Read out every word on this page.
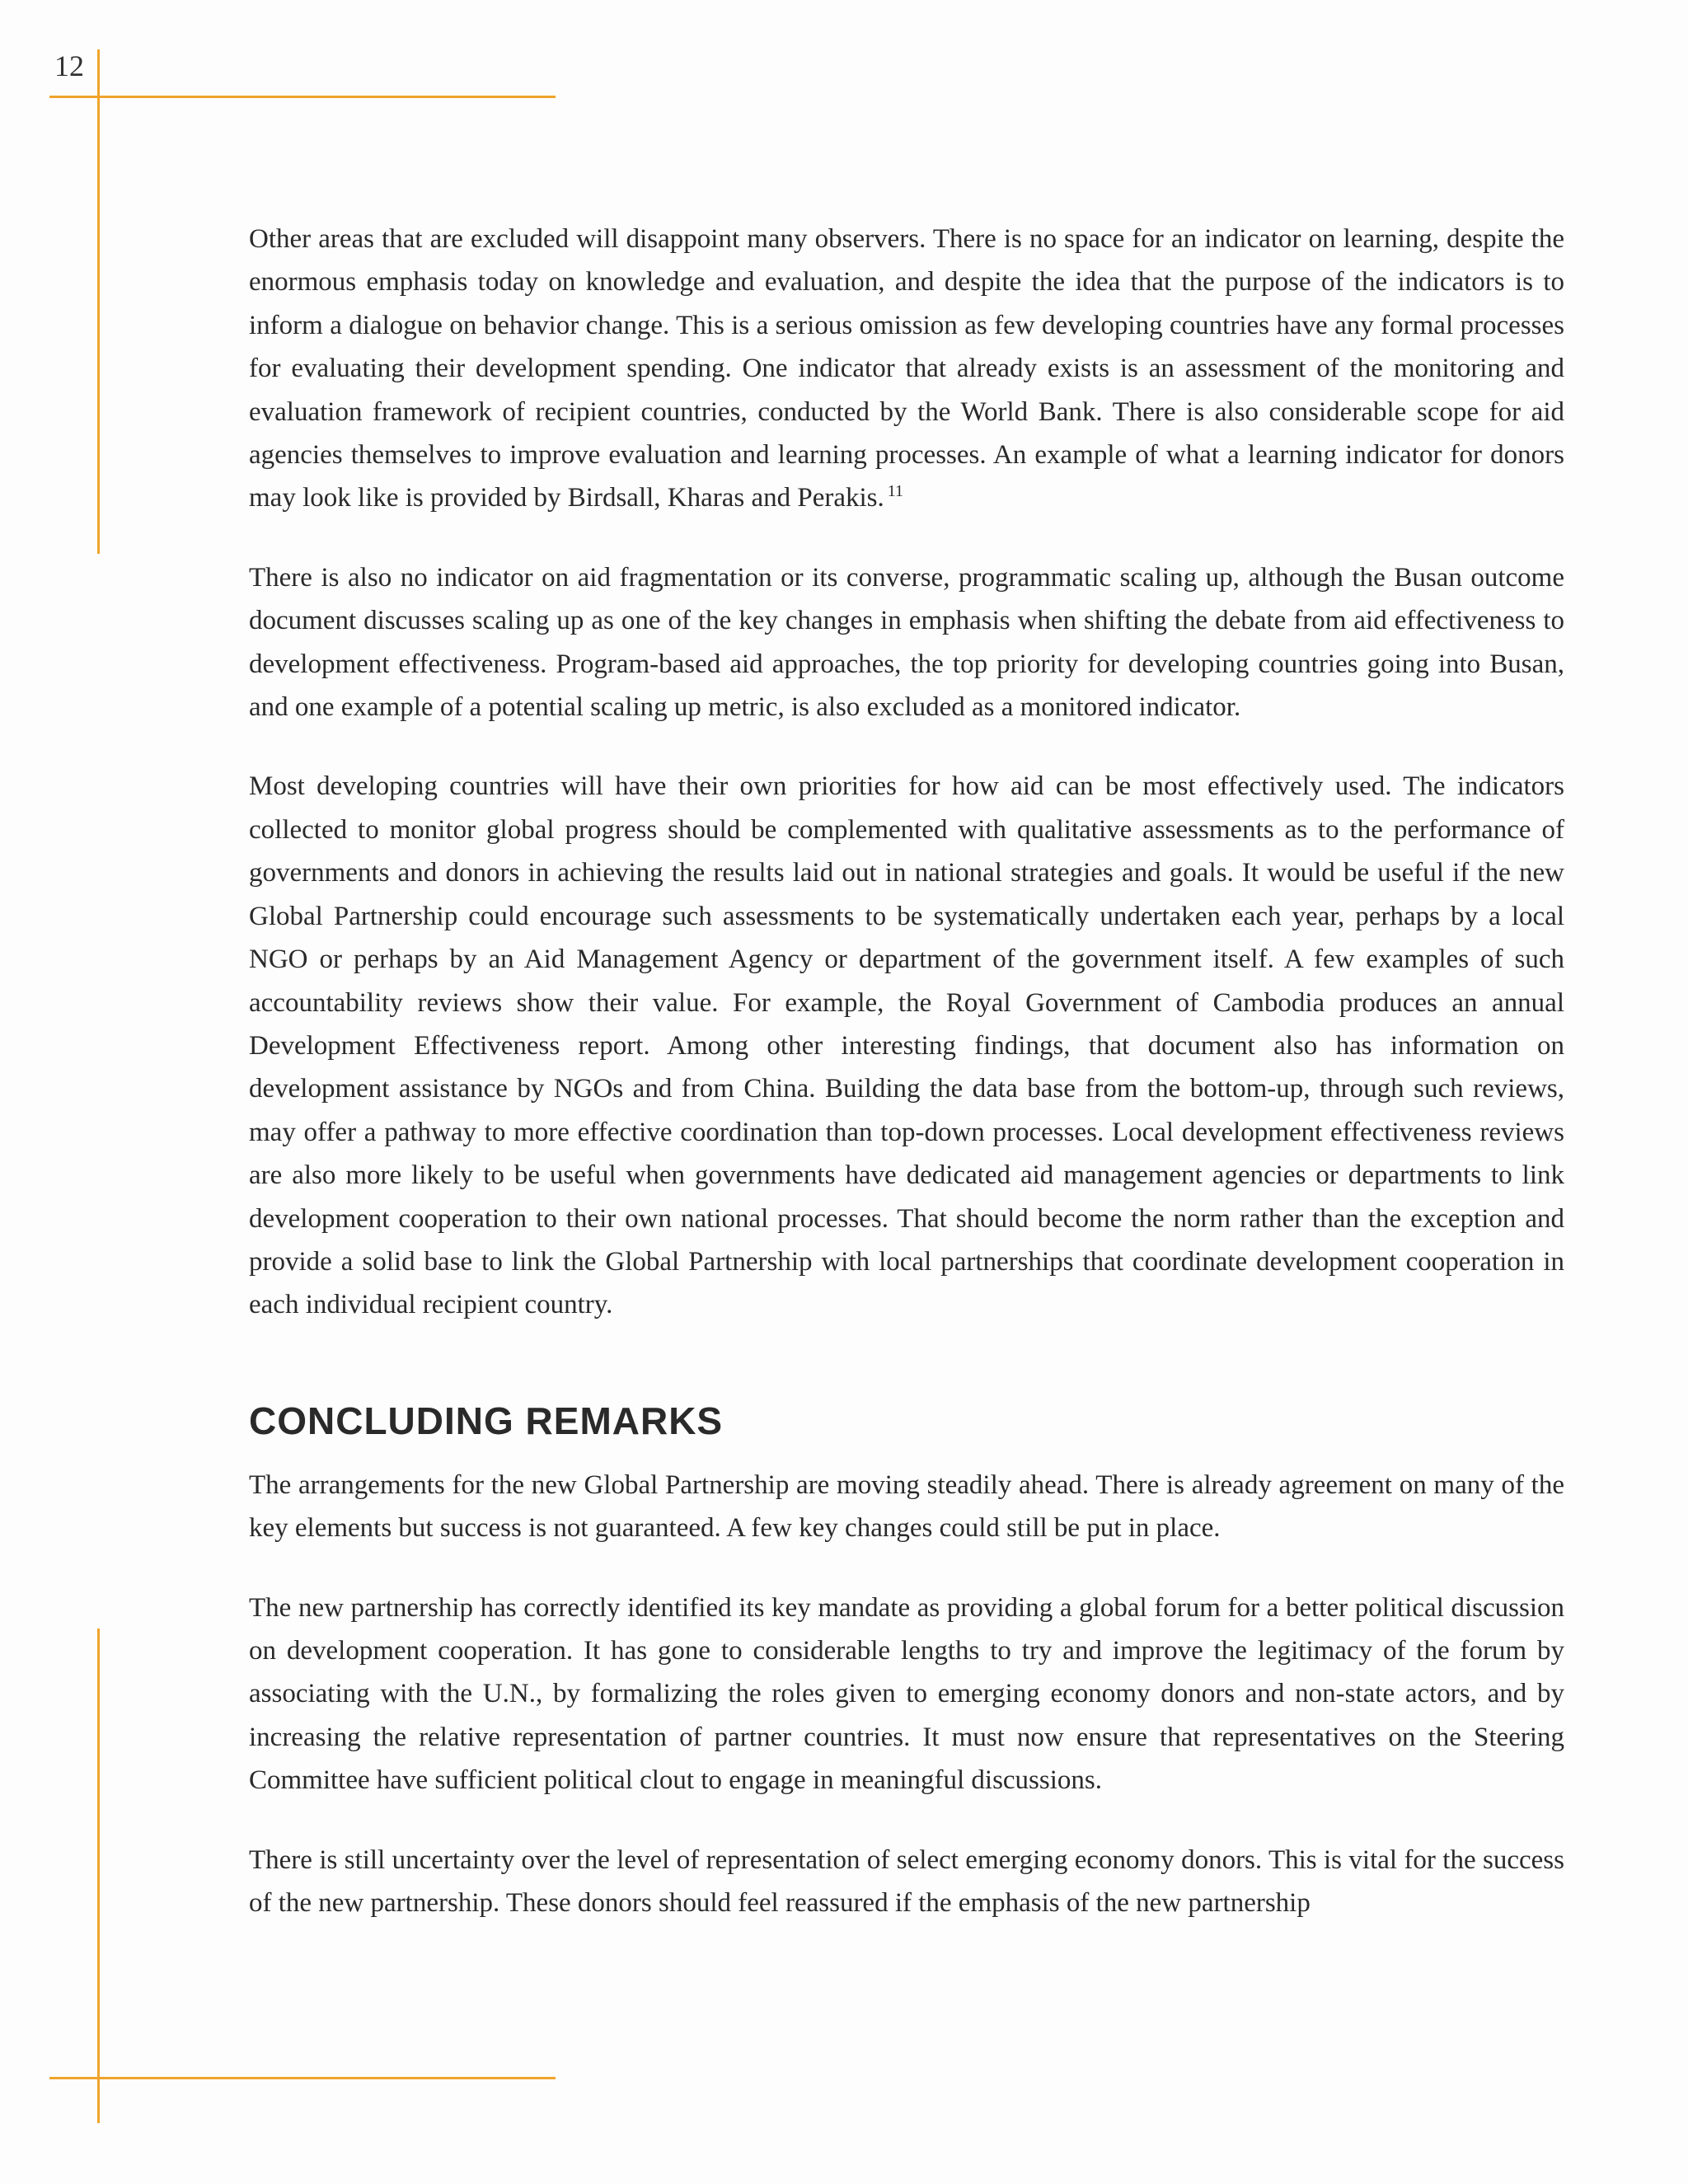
12

Other areas that are excluded will disappoint many observers. There is no space for an indicator on learning, despite the enormous emphasis today on knowledge and evaluation, and despite the idea that the purpose of the indicators is to inform a dialogue on behavior change. This is a serious omission as few developing countries have any formal processes for evaluating their development spending. One indicator that already exists is an assessment of the monitoring and evaluation framework of recipient countries, conducted by the World Bank. There is also considerable scope for aid agencies themselves to improve evaluation and learning processes. An example of what a learning indicator for donors may look like is provided by Birdsall, Kharas and Perakis. $^{11}$

There is also no indicator on aid fragmentation or its converse, programmatic scaling up, although the Busan outcome document discusses scaling up as one of the key changes in emphasis when shifting the debate from aid effectiveness to development effectiveness. Program-based aid approaches, the top priority for developing countries going into Busan, and one example of a potential scaling up metric, is also excluded as a monitored indicator.

Most developing countries will have their own priorities for how aid can be most effectively used. The indicators collected to monitor global progress should be complemented with qualitative assessments as to the performance of governments and donors in achieving the results laid out in national strategies and goals. It would be useful if the new Global Partnership could encourage such assessments to be systematically undertaken each year, perhaps by a local NGO or perhaps by an Aid Management Agency or department of the government itself. A few examples of such accountability reviews show their value. For example, the Royal Government of Cambodia produces an annual Development Effectiveness report. Among other interesting findings, that document also has information on development assistance by NGOs and from China. Building the data base from the bottom-up, through such reviews, may offer a pathway to more effective coordination than top-down processes. Local development effectiveness reviews are also more likely to be useful when governments have dedicated aid management agencies or departments to link development cooperation to their own national processes. That should become the norm rather than the exception and provide a solid base to link the Global Partnership with local partnerships that coordinate development cooperation in each individual recipient country.

CONCLUDING REMARKS

The arrangements for the new Global Partnership are moving steadily ahead. There is already agreement on many of the key elements but success is not guaranteed. A few key changes could still be put in place.

The new partnership has correctly identified its key mandate as providing a global forum for a better political discussion on development cooperation. It has gone to considerable lengths to try and improve the legitimacy of the forum by associating with the U.N., by formalizing the roles given to emerging economy donors and non-state actors, and by increasing the relative representation of partner countries. It must now ensure that representatives on the Steering Committee have sufficient political clout to engage in meaningful discussions.

There is still uncertainty over the level of representation of select emerging economy donors. This is vital for the success of the new partnership. These donors should feel reassured if the emphasis of the new partnership
